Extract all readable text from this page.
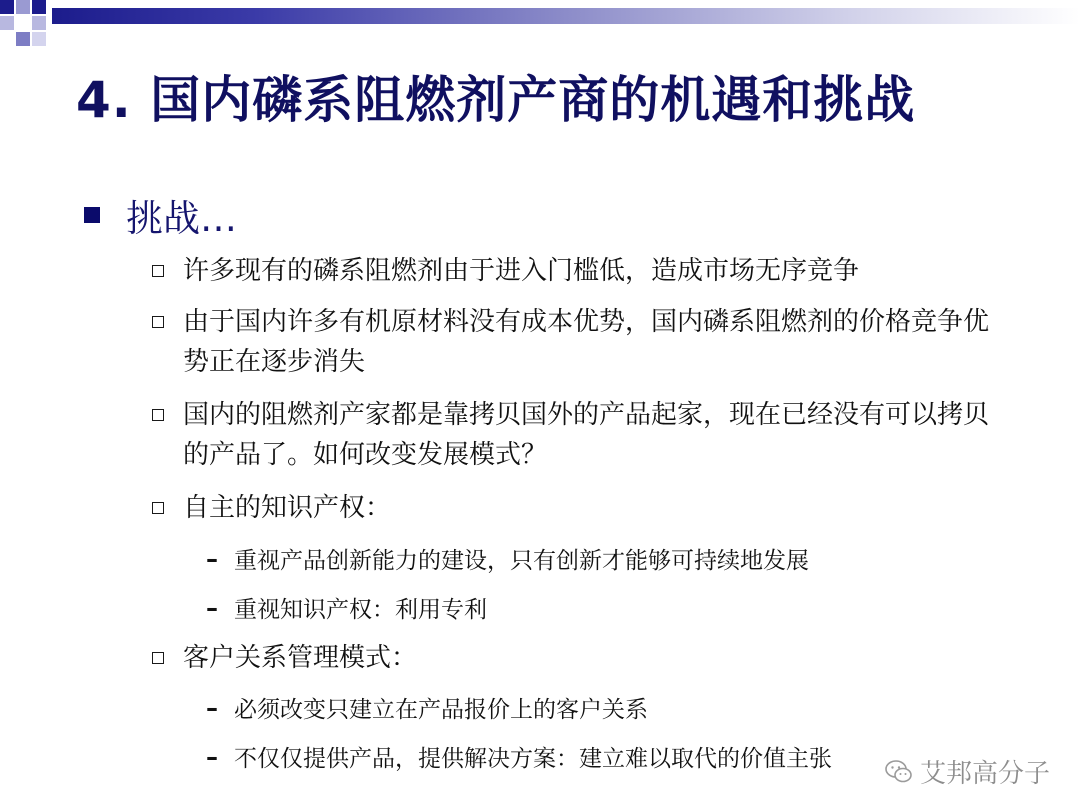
4. 国内磷系阻燃剂产商的机遇和挑战
挑战…
许多现有的磷系阻燃剂由于进入门槛低，造成市场无序竞争
由于国内许多有机原材料没有成本优势，国内磷系阻燃剂的价格竞争优势正在逐步消失
国内的阻燃剂产家都是靠拷贝国外的产品起家，现在已经没有可以拷贝的产品了。如何改变发展模式？
自主的知识产权：
– 重视产品创新能力的建设，只有创新才能够可持续地发展
– 重视知识产权：利用专利
客户关系管理模式：
– 必须改变只建立在产品报价上的客户关系
– 不仅仅提供产品，提供解决方案：建立难以取代的价值主张	艾邦高分子
